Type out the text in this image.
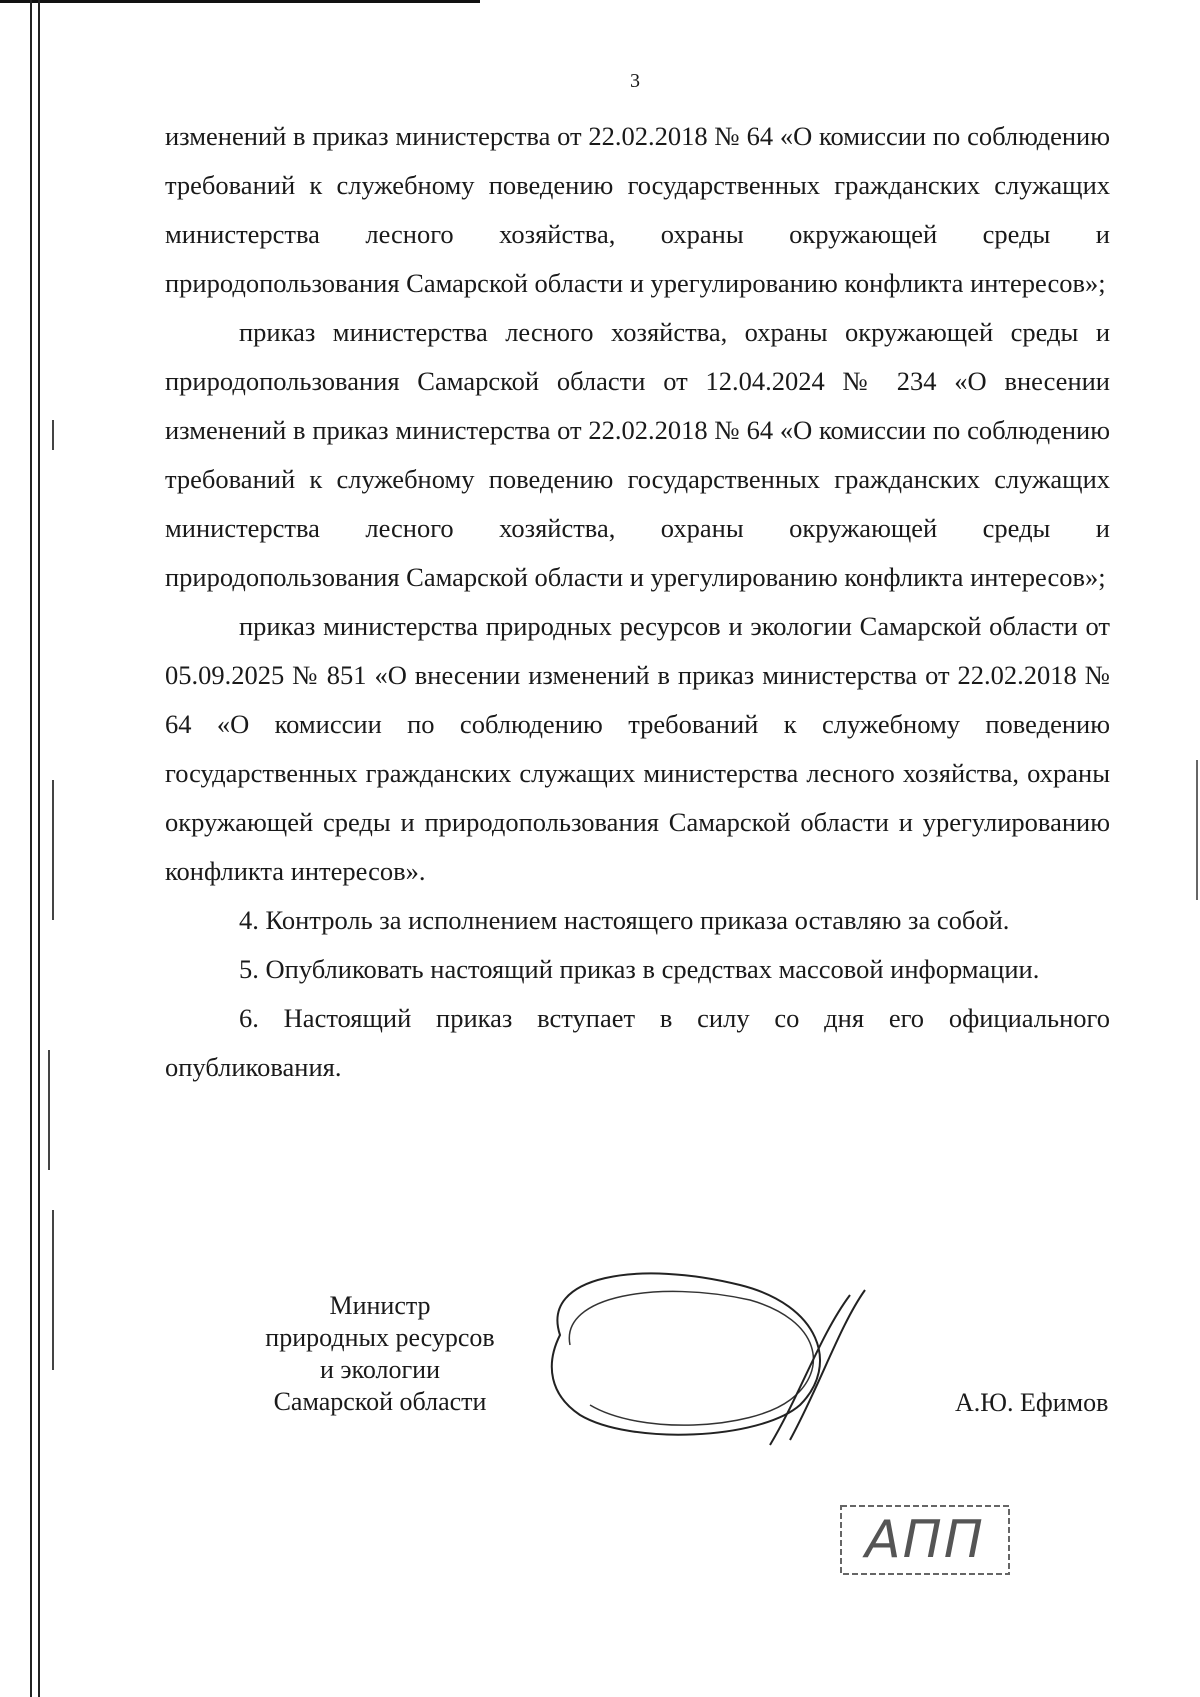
3

изменений в приказ министерства от 22.02.2018 № 64 «О комиссии по соблюдению требований к служебному поведению государственных гражданских служащих министерства лесного хозяйства, охраны окружающей среды и природопользования Самарской области и урегулированию конфликта интересов»;

приказ министерства лесного хозяйства, охраны окружающей среды и природопользования Самарской области от 12.04.2024 № 234 «О внесении изменений в приказ министерства от 22.02.2018 № 64 «О комиссии по соблюдению требований к служебному поведению государственных гражданских служащих министерства лесного хозяйства, охраны окружающей среды и природопользования Самарской области и урегулированию конфликта интересов»;

приказ министерства природных ресурсов и экологии Самарской области от 05.09.2025 № 851 «О внесении изменений в приказ министерства от 22.02.2018 № 64 «О комиссии по соблюдению требований к служебному поведению государственных гражданских служащих министерства лесного хозяйства, охраны окружающей среды и природопользования Самарской области и урегулированию конфликта интересов».

4. Контроль за исполнением настоящего приказа оставляю за собой.

5. Опубликовать настоящий приказ в средствах массовой информации.

6. Настоящий приказ вступает в силу со дня его официального опубликования.

Министр
природных ресурсов
и экологии
Самарской области	А.Ю. Ефимов
АПП
